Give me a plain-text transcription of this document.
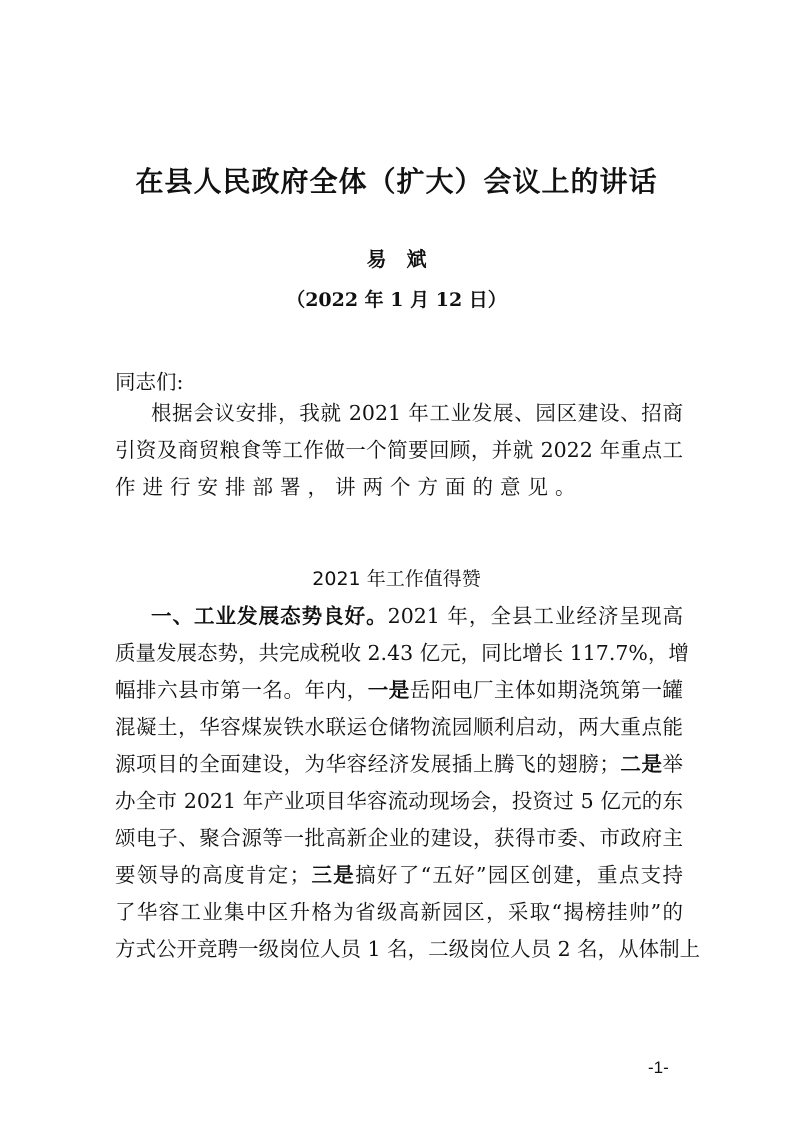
在县人民政府全体（扩大）会议上的讲话
易　斌
（2022 年 1 月 12 日）
同志们:
根据会议安排，我就 2021 年工业发展、园区建设、招商
引资及商贸粮食等工作做一个简要回顾，并就 2022 年重点工
作进行安排部署，讲两个方面的意见。
2021 年工作值得赞
一、工业发展态势良好。2021 年，全县工业经济呈现高
质量发展态势，共完成税收 2.43 亿元，同比增长 117.7%，增
幅排六县市第一名。年内，一是岳阳电厂主体如期浇筑第一罐
混凝土，华容煤炭铁水联运仓储物流园顺利启动，两大重点能
源项目的全面建设，为华容经济发展插上腾飞的翅膀；二是举
办全市 2021 年产业项目华容流动现场会，投资过 5 亿元的东
颂电子、聚合源等一批高新企业的建设，获得市委、市政府主
要领导的高度肯定；三是搞好了“五好”园区创建，重点支持
了华容工业集中区升格为省级高新园区，采取“揭榜挂帅”的
方式公开竞聘一级岗位人员 1 名，二级岗位人员 2 名，从体制上
-1-
